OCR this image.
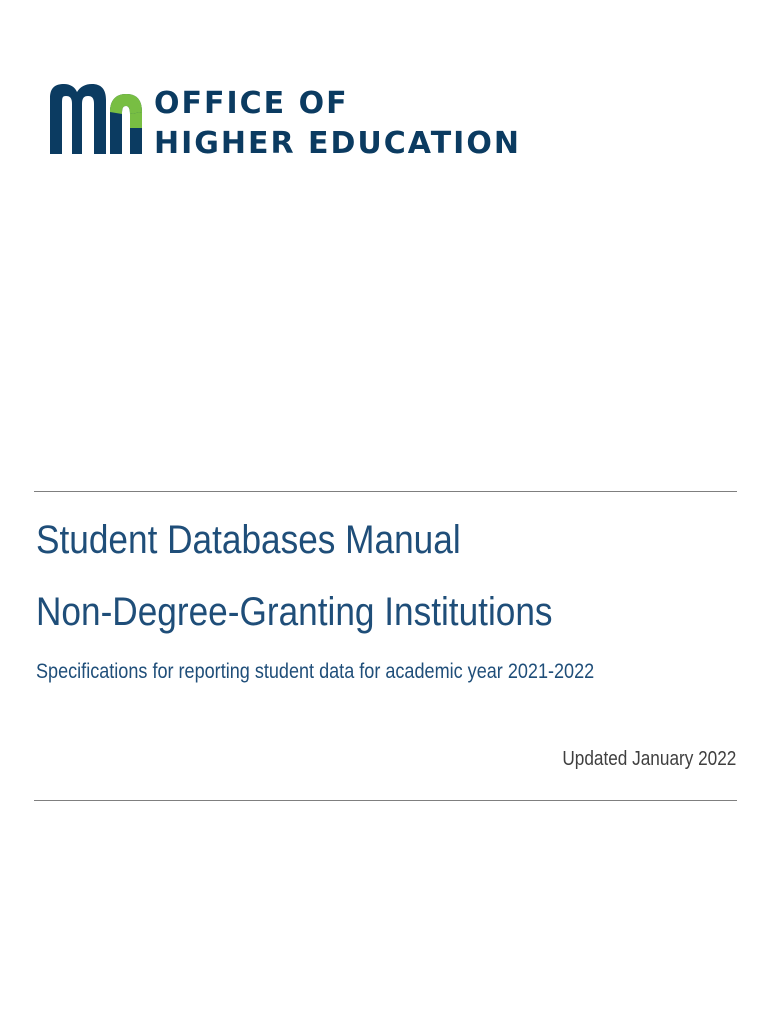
OFFICE OF
HIGHER EDUCATION
Student Databases Manual
Non-Degree-Granting Institutions

Specifications for reporting student data for academic year 2021-2022

Updated January 2022
